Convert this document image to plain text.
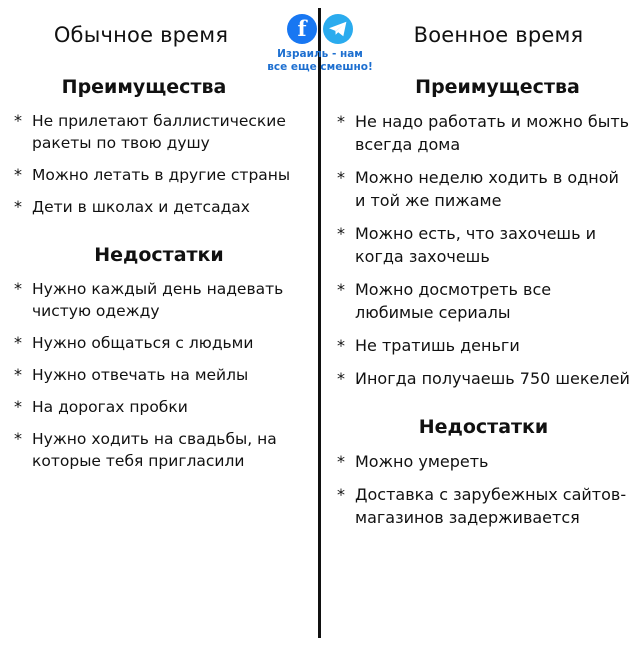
Обычное время
Преимущества
* Не прилетают баллистические ракеты по твою душу
* Можно летать в другие страны
* Дети в школах и детсадах
Недостатки
* Нужно каждый день надевать чистую одежду
* Нужно общаться с людьми
* Нужно отвечать на мейлы
* На дорогах пробки
* Нужно ходить на свадьбы, на которые тебя пригласили
Военное время
Преимущества
* Не надо работать и можно быть всегда дома
* Можно неделю ходить в одной и той же пижаме
* Можно есть, что захочешь и когда захочешь
* Можно досмотреть все любимые сериалы
* Не тратишь деньги
* Иногда получаешь 750 шекелей
Недостатки
* Можно умереть
* Доставка с зарубежных сайтов-магазинов задерживается
f
Израиль - нам
все еще смешно!
